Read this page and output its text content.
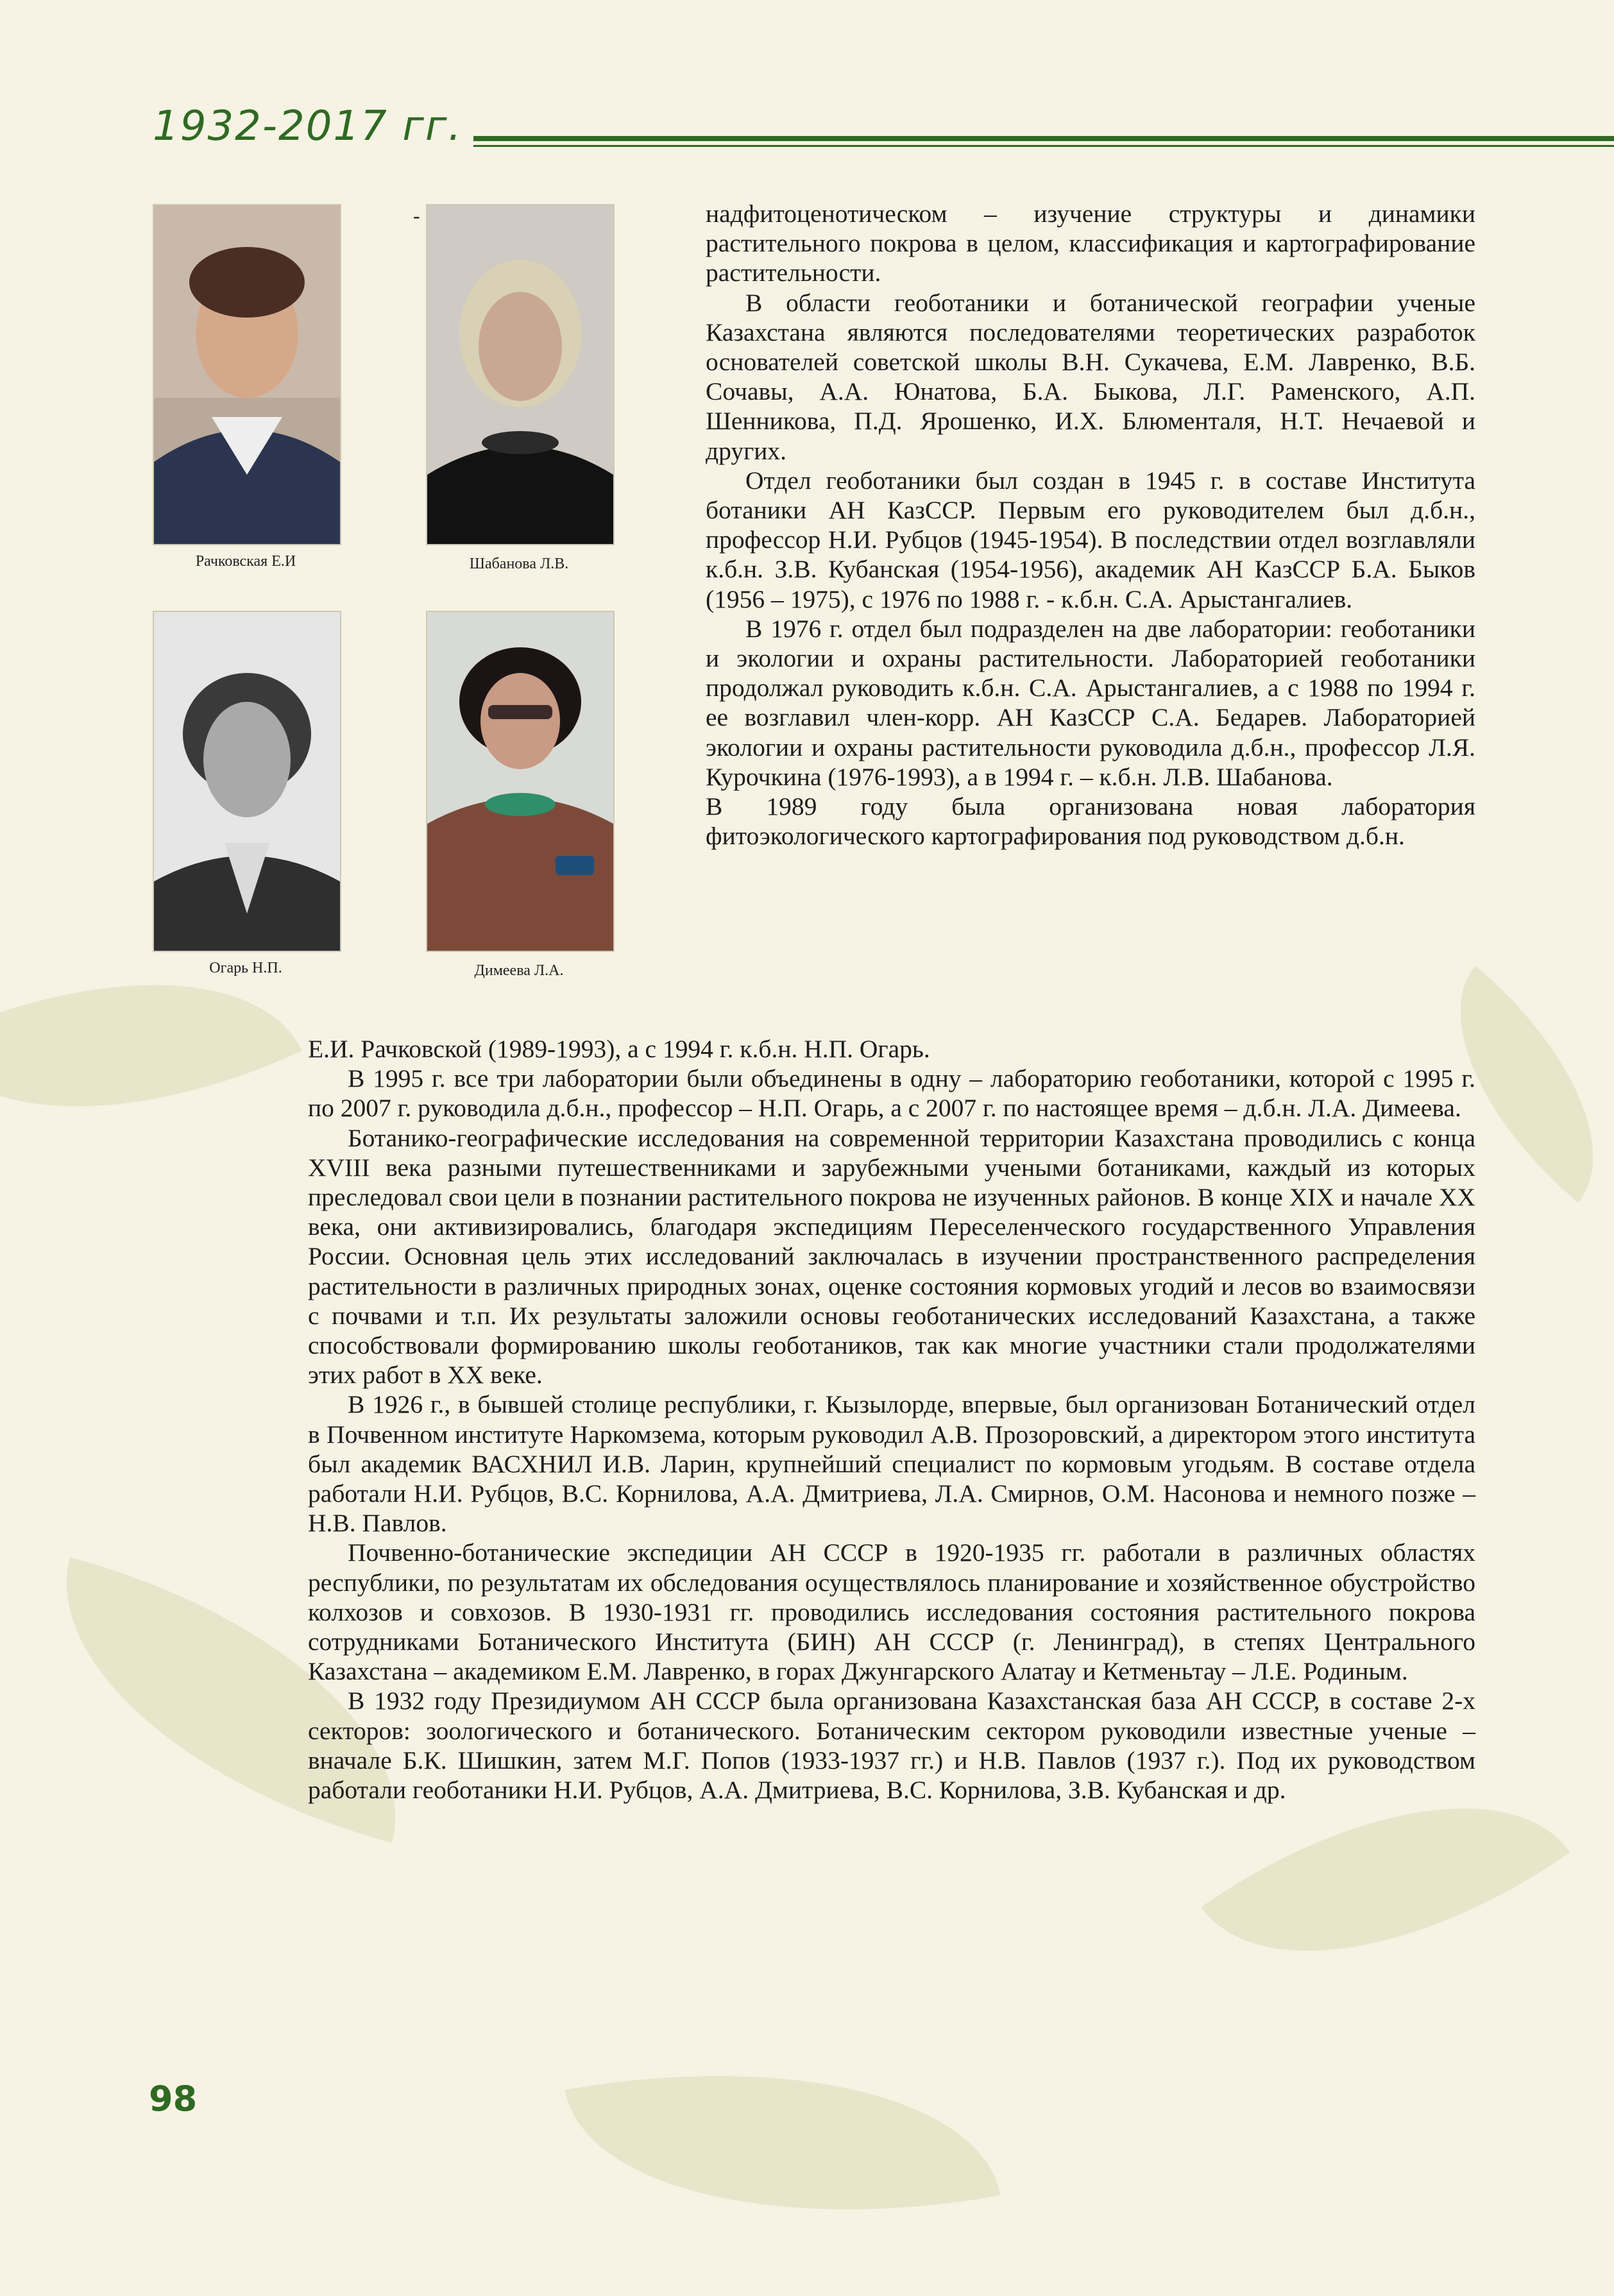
1932-2017 гг.
Рачковская Е.И	Шабанова Л.В.
Огарь Н.П.	Димеева Л.А.
-	надфитоценотическом – изучение структуры и динамики растительного покрова в целом, классификация и картографирование растительности.

В области геоботаники и ботанической географии ученые Казахстана являются последователями теоретических разработок основателей советской школы В.Н. Сукачева, Е.М. Лавренко, В.Б. Сочавы, А.А. Юнатова, Б.А. Быкова, Л.Г. Раменского, А.П. Шенникова, П.Д. Ярошенко, И.Х. Блюменталя, Н.Т. Нечаевой и других.

Отдел геоботаники был создан в 1945 г. в составе Института ботаники АН КазССР. Первым его руководителем был д.б.н., профессор Н.И. Рубцов (1945-1954). В последствии отдел возглавляли к.б.н. З.В. Кубанская (1954-1956), академик АН КазССР Б.А. Быков (1956 – 1975), с 1976 по 1988 г. - к.б.н. С.А. Арыстангалиев.

В 1976 г. отдел был подразделен на две лаборатории: геоботаники и экологии и охраны растительности. Лабораторией геоботаники продолжал руководить к.б.н. С.А. Арыстангалиев, а с 1988 по 1994 г. ее возглавил член-корр. АН КазССР С.А. Бедарев. Лабораторией экологии и охраны растительности руководила д.б.н., профессор Л.Я. Курочкина (1976-1993), а в 1994 г. – к.б.н. Л.В. Шабанова.

В 1989 году была организована новая лаборатория фитоэкологического картографирования под руководством д.б.н.

Е.И. Рачковской (1989-1993), а с 1994 г. к.б.н. Н.П. Огарь.

В 1995 г. все три лаборатории были объединены в одну – лабораторию геоботаники, которой с 1995 г. по 2007 г. руководила д.б.н., профессор – Н.П. Огарь, а с 2007 г. по настоящее время – д.б.н. Л.А. Димеева.

Ботанико-географические исследования на современной территории Казахстана проводились с конца XVIII века разными путешественниками и зарубежными учеными ботаниками, каждый из которых преследовал свои цели в познании растительного покрова не изученных районов. В конце XIX и начале XX века, они активизировались, благодаря экспедициям Переселенческого государственного Управления России. Основная цель этих исследований заключалась в изучении пространственного распределения растительности в различных природных зонах, оценке состояния кормовых угодий и лесов во взаимосвязи с почвами и т.п. Их результаты заложили основы геоботанических исследований Казахстана, а также способствовали формированию школы геоботаников, так как многие участники стали продолжателями этих работ в XX веке.

В 1926 г., в бывшей столице республики, г. Кызылорде, впервые, был организован Ботанический отдел в Почвенном институте Наркомзема, которым руководил А.В. Прозоровский, а директором этого института был академик ВАСХНИЛ И.В. Ларин, крупнейший специалист по кормовым угодьям. В составе отдела работали Н.И. Рубцов, В.С. Корнилова, А.А. Дмитриева, Л.А. Смирнов, О.М. Насонова и немного позже – Н.В. Павлов.

Почвенно-ботанические экспедиции АН СССР в 1920-1935 гг. работали в различных областях республики, по результатам их обследования осуществлялось планирование и хозяйственное обустройство колхозов и совхозов. В 1930-1931 гг. проводились исследования состояния растительного покрова сотрудниками Ботанического Института (БИН) АН СССР (г. Ленинград), в степях Центрального Казахстана – академиком Е.М. Лавренко, в горах Джунгарского Алатау и Кетменьтау – Л.Е. Родиным.

В 1932 году Президиумом АН СССР была организована Казахстанская база АН СССР, в составе 2-х секторов: зоологического и ботанического. Ботаническим сектором руководили известные ученые – вначале Б.К. Шишкин, затем М.Г. Попов (1933-1937 гг.) и Н.В. Павлов (1937 г.). Под их руководством работали геоботаники Н.И. Рубцов, А.А. Дмитриева, В.С. Корнилова, З.В. Кубанская и др.

98
